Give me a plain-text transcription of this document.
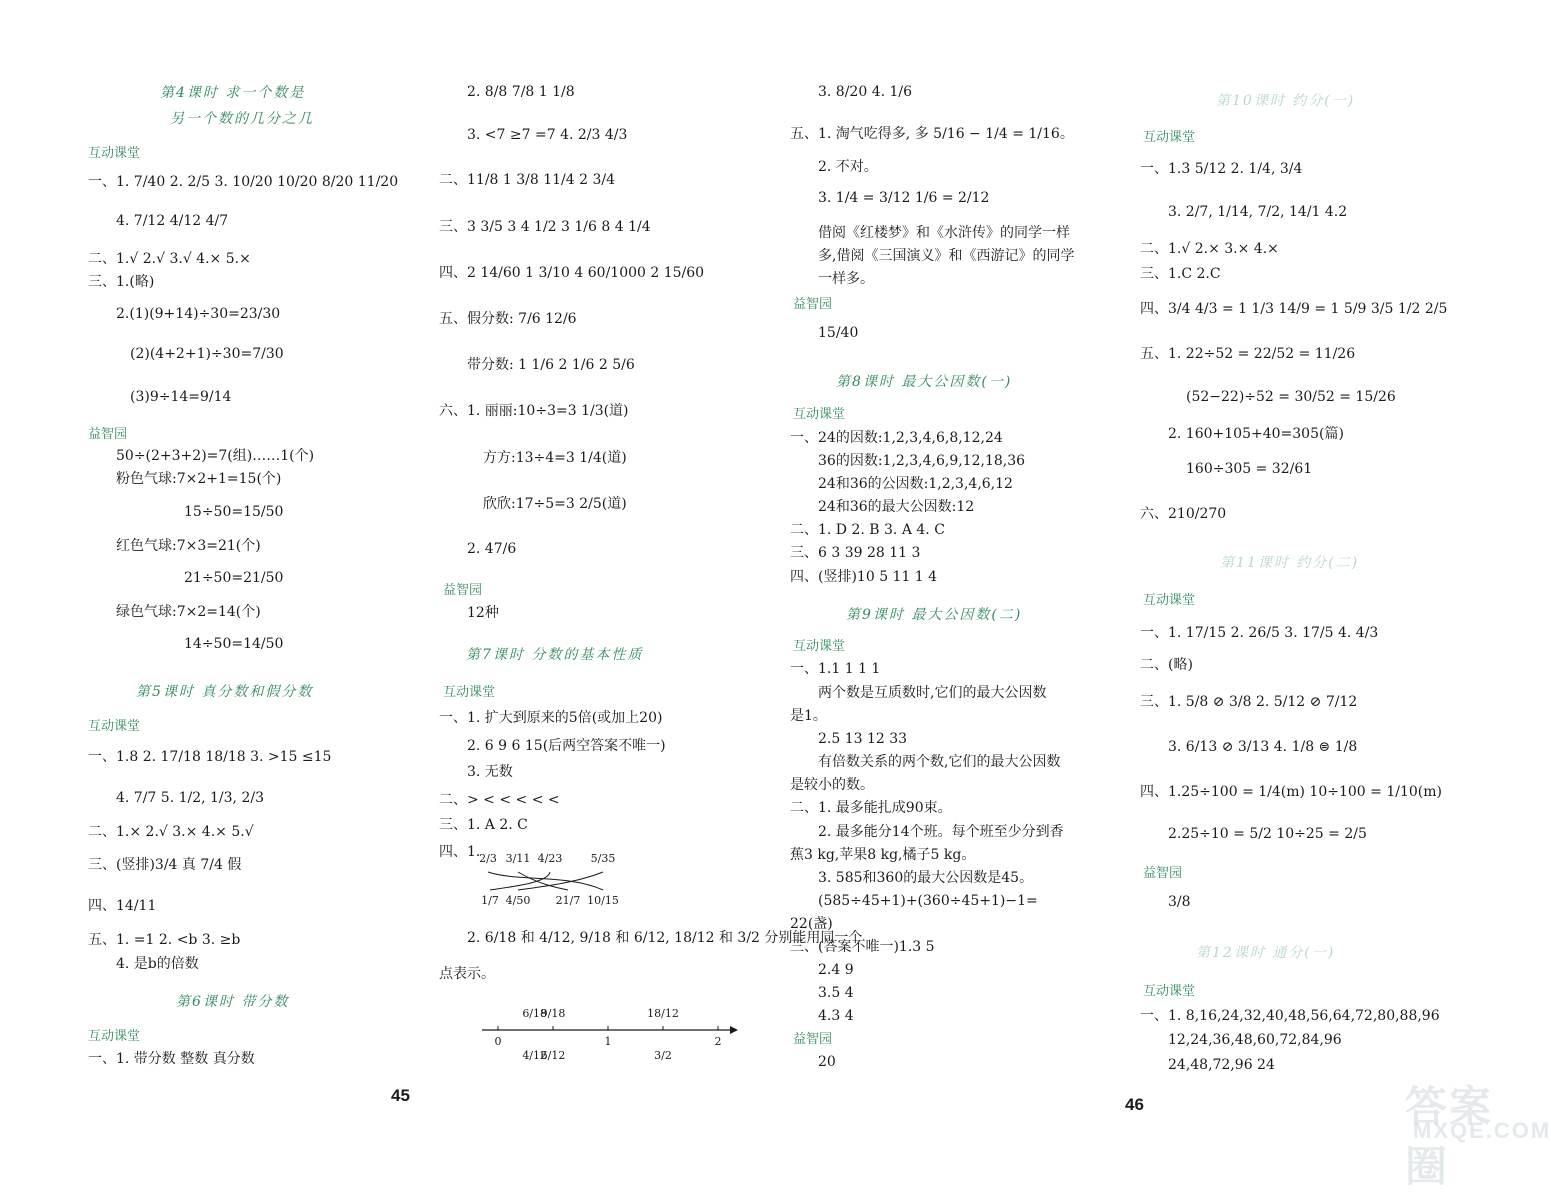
第4课时 求一个数是
另一个数的几分之几
互动课堂
一、1. 7/40 2. 2/5 3. 10/20 10/20 8/20 11/20
4. 7/12 4/12 4/7
二、1.√ 2.√ 3.√ 4.× 5.×
三、1.(略)
2.(1)(9+14)÷30=23/30
(2)(4+2+1)÷30=7/30
(3)9÷14=9/14
益智园
50÷(2+3+2)=7(组)……1(个)
粉色气球:7×2+1=15(个)
15÷50=15/50
红色气球:7×3=21(个)
21÷50=21/50
绿色气球:7×2=14(个)
14÷50=14/50
第5课时 真分数和假分数
互动课堂
一、1.8 2. 17/18 18/18 3. >15 ≤15
4. 7/7 5. 1/2, 1/3, 2/3
二、1.× 2.√ 3.× 4.× 5.√
三、(竖排)3/4 真 7/4 假
四、14/11
五、1. =1 2. <b 3. ≥b
4. 是b的倍数
第6课时 带分数
互动课堂
一、1. 带分数 整数 真分数
2. 8/8 7/8 1 1/8
3. <7 ≥7 =7 4. 2/3 4/3
二、11/8 1 3/8 11/4 2 3/4
三、3 3/5 3 4 1/2 3 1/6 8 4 1/4
四、2 14/60 1 3/10 4 60/1000 2 15/60
五、假分数: 7/6 12/6
带分数: 1 1/6 2 1/6 2 5/6
六、1. 丽丽:10÷3=3 1/3(道)
方方:13÷4=3 1/4(道)
欣欣:17÷5=3 2/5(道)
2. 47/6
益智园
12种
第7课时 分数的基本性质
互动课堂
一、1. 扩大到原来的5倍(或加上20)
2. 6 9 6 15(后两空答案不唯一)
3. 无数
二、> < < < < <
三、1. A 2. C
四、1.
2. 6/18 和 4/12, 9/18 和 6/12, 18/12 和 3/2 分别能用同一个
点表示。
3. 8/20 4. 1/6
五、1. 淘气吃得多, 多 5/16 − 1/4 = 1/16。
2. 不对。
3. 1/4 = 3/12 1/6 = 2/12
借阅《红楼梦》和《水浒传》的同学一样
多,借阅《三国演义》和《西游记》的同学
一样多。
益智园
15/40
第8课时 最大公因数(一)
互动课堂
一、24的因数:1,2,3,4,6,8,12,24
36的因数:1,2,3,4,6,9,12,18,36
24和36的公因数:1,2,3,4,6,12
24和36的最大公因数:12
二、1. D 2. B 3. A 4. C
三、6 3 39 28 11 3
四、(竖排)10 5 11 1 4
第9课时 最大公因数(二)
互动课堂
一、1.1 1 1 1
两个数是互质数时,它们的最大公因数
是1。
2.5 13 12 33
有倍数关系的两个数,它们的最大公因数
是较小的数。
二、1. 最多能扎成90束。
2. 最多能分14个班。每个班至少分到香
蕉3 kg,苹果8 kg,橘子5 kg。
3. 585和360的最大公因数是45。
(585÷45+1)+(360÷45+1)−1=
22(盏)
三、(答案不唯一)1.3 5
2.4 9
3.5 4
4.3 4
益智园
20
第10课时 约分(一)
互动课堂
一、1.3 5/12 2. 1/4, 3/4
3. 2/7, 1/14, 7/2, 14/1 4.2
二、1.√ 2.× 3.× 4.×
三、1.C 2.C
四、3/4 4/3 = 1 1/3 14/9 = 1 5/9 3/5 1/2 2/5
五、1. 22÷52 = 22/52 = 11/26
(52−22)÷52 = 30/52 = 15/26
2. 160+105+40=305(篇)
160÷305 = 32/61
六、210/270
第11课时 约分(二)
互动课堂
一、1. 17/15 2. 26/5 3. 17/5 4. 4/3
二、(略)
三、1. 5/8 ⊘ 3/8 2. 5/12 ⊘ 7/12
3. 6/13 ⊘ 3/13 4. 1/8 ⊜ 1/8
四、1.25÷100 = 1/4(m) 10÷100 = 1/10(m)
2.25÷10 = 5/2 10÷25 = 2/5
益智园
3/8
第12课时 通分(一)
互动课堂
一、1. 8,16,24,32,40,48,56,64,72,80,88,96
12,24,36,48,60,72,84,96
24,48,72,96 24
2/3 3/11 4/23	5/35
1/7 4/50 21/7 10/15
0	1	2
6/18
9/18	18/12
4/12
6/12	3/2
45	46	答案圈
MXQE.COM
